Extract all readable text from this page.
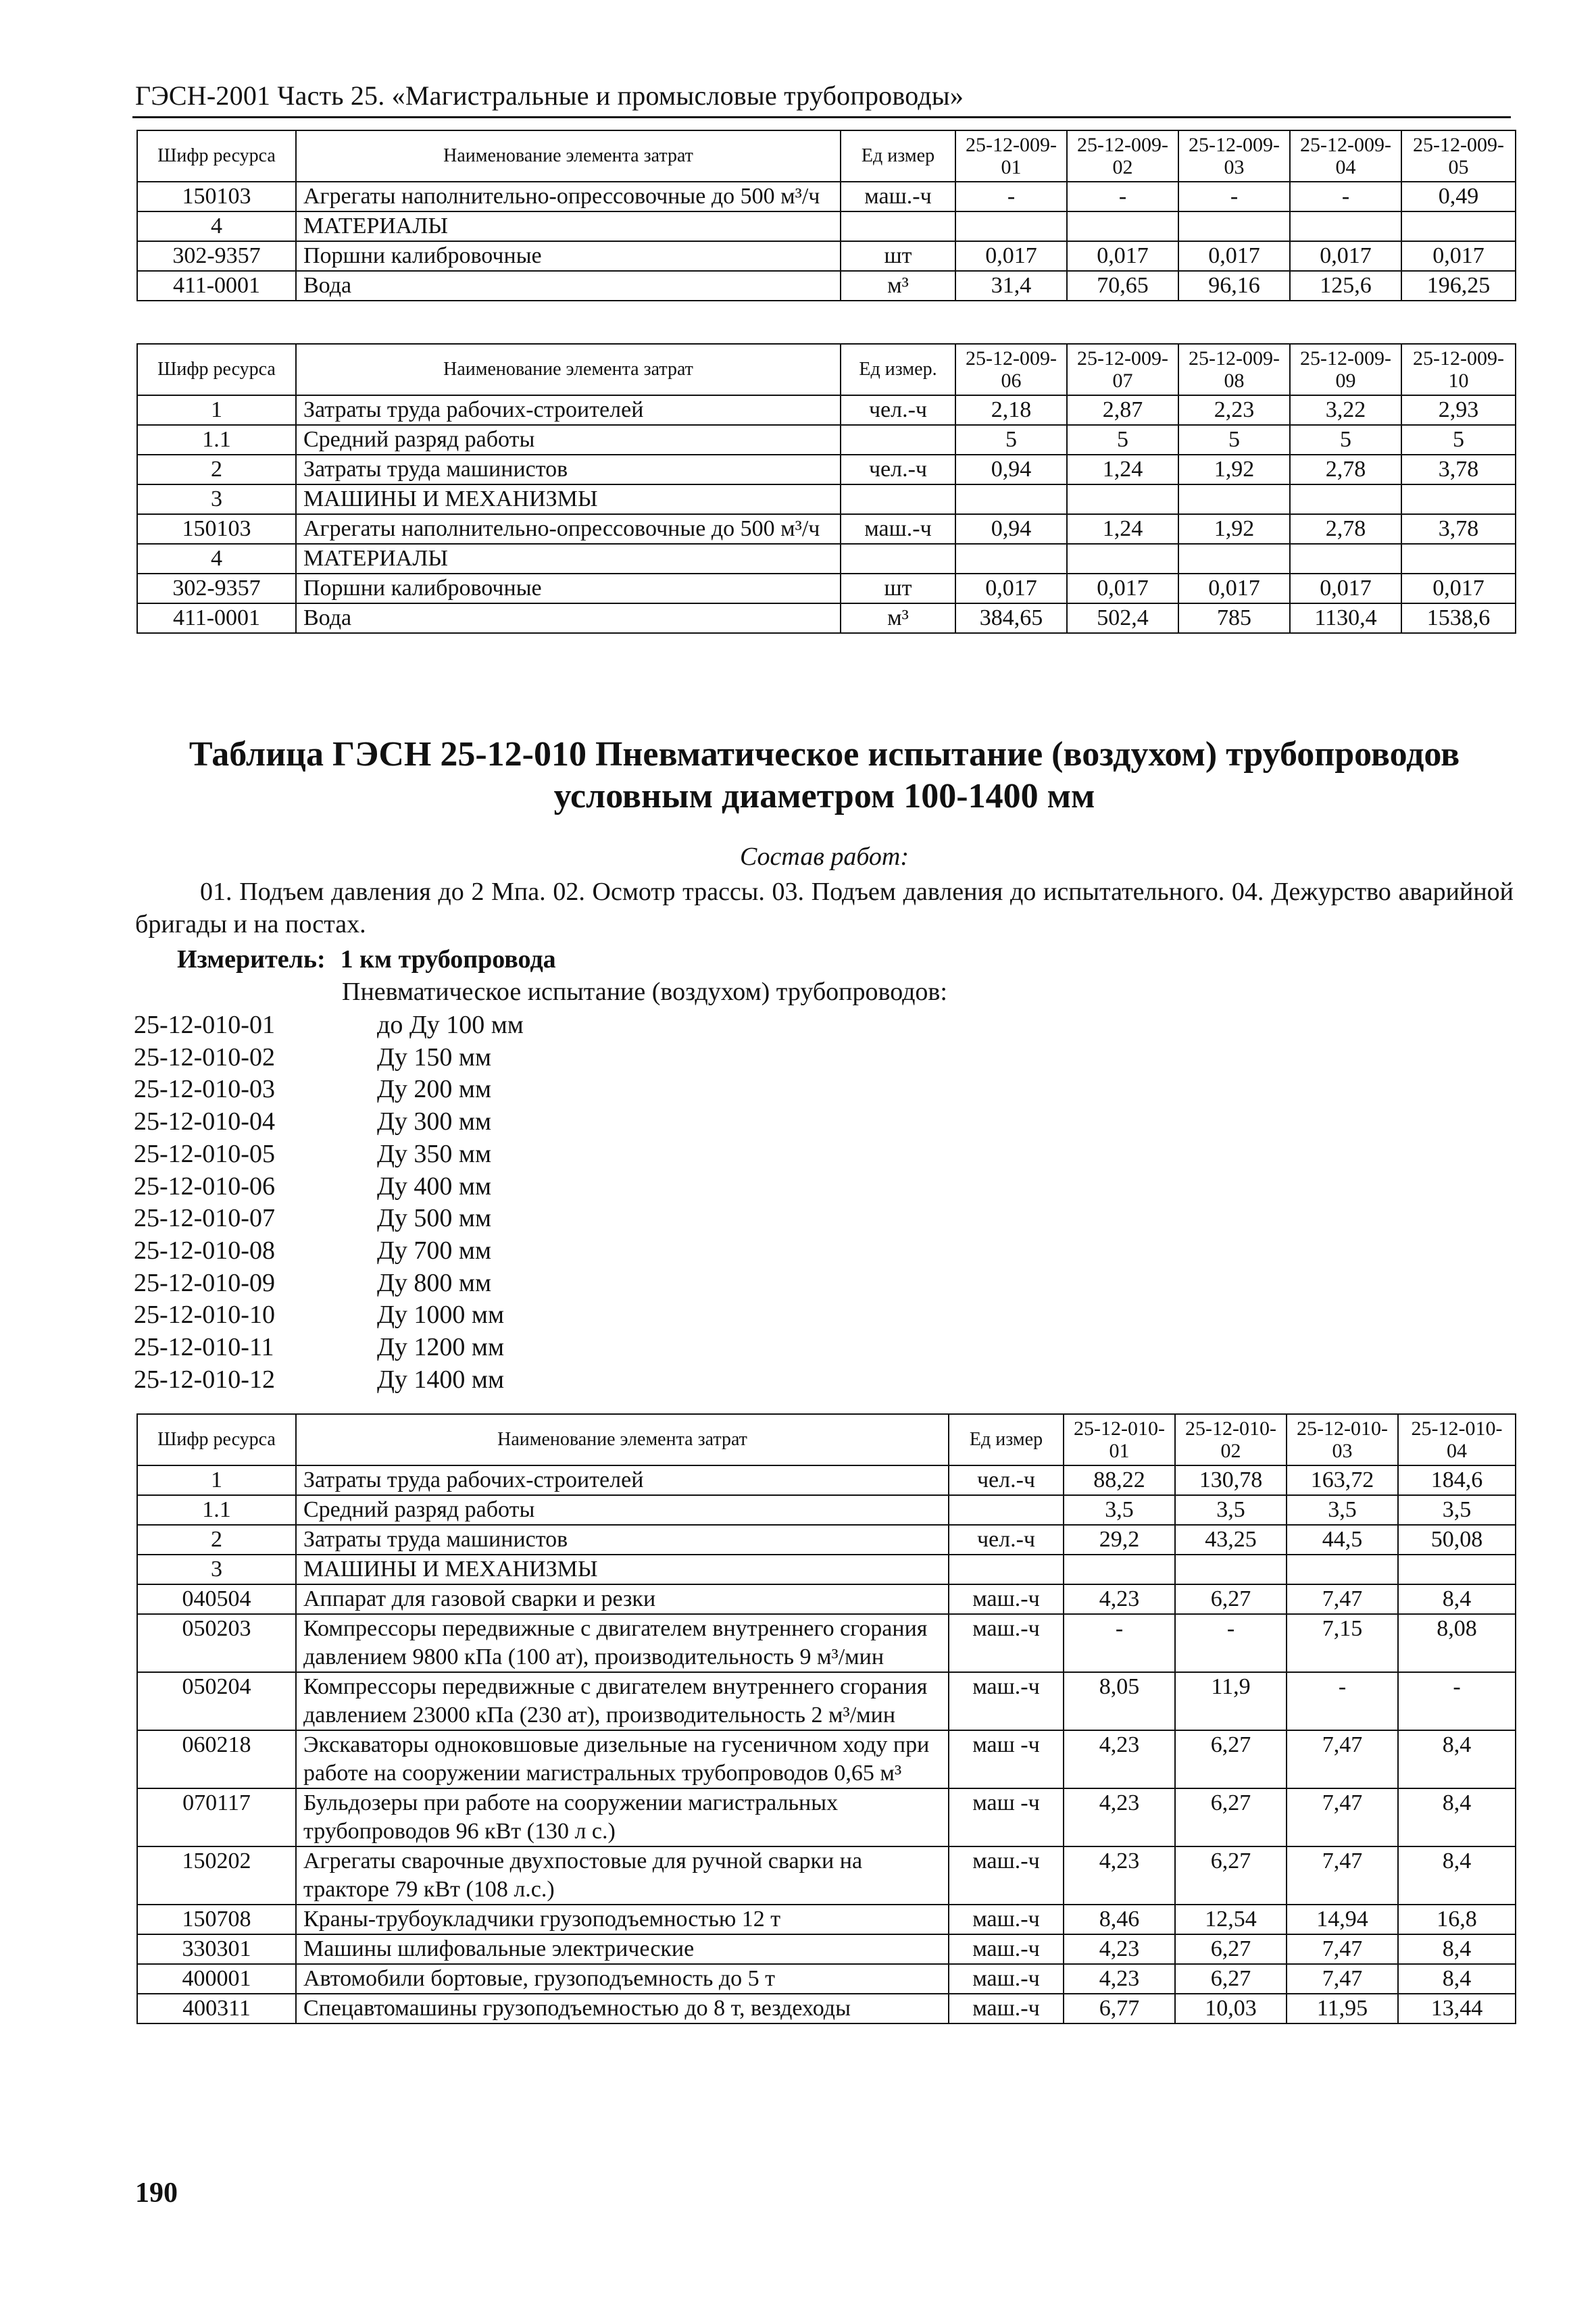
ГЭСН-2001 Часть 25. «Магистральные и промысловые трубопроводы»
Шифр ресурса	Наименование элемента затрат	Ед измер	25-12-009-01	25-12-009-02	25-12-009-03	25-12-009-04	25-12-009-05
150103	Агрегаты наполнительно-опрессовочные до 500 м³/ч	маш.-ч	-	-	-	-	0,49
4	МАТЕРИАЛЫ						
302-9357	Поршни калибровочные	шт	0,017	0,017	0,017	0,017	0,017
411-0001	Вода	м³	31,4	70,65	96,16	125,6	196,25
Шифр ресурса	Наименование элемента затрат	Ед измер.	25-12-009-06	25-12-009-07	25-12-009-08	25-12-009-09	25-12-009-10
1	Затраты труда рабочих-строителей	чел.-ч	2,18	2,87	2,23	3,22	2,93
1.1	Средний разряд работы		5	5	5	5	5
2	Затраты труда машинистов	чел.-ч	0,94	1,24	1,92	2,78	3,78
3	МАШИНЫ И МЕХАНИЗМЫ						
150103	Агрегаты наполнительно-опрессовочные до 500 м³/ч	маш.-ч	0,94	1,24	1,92	2,78	3,78
4	МАТЕРИАЛЫ						
302-9357	Поршни калибровочные	шт	0,017	0,017	0,017	0,017	0,017
411-0001	Вода	м³	384,65	502,4	785	1130,4	1538,6
Таблица ГЭСН 25-12-010 Пневматическое испытание (воздухом) трубопроводов условным диаметром 100-1400 мм
Состав работ:
01. Подъем давления до 2 Мпа. 02. Осмотр трассы. 03. Подъем давления до испытательного. 04. Дежурство аварийной бригады и на постах.
Измеритель: 1 км трубопровода
Пневматическое испытание (воздухом) трубопроводов:
25-12-010-01	до Ду 100 мм
25-12-010-02	Ду 150 мм
25-12-010-03	Ду 200 мм
25-12-010-04	Ду 300 мм
25-12-010-05	Ду 350 мм
25-12-010-06	Ду 400 мм
25-12-010-07	Ду 500 мм
25-12-010-08	Ду 700 мм
25-12-010-09	Ду 800 мм
25-12-010-10	Ду 1000 мм
25-12-010-11	Ду 1200 мм
25-12-010-12	Ду 1400 мм
Шифр ресурса	Наименование элемента затрат	Ед измер	25-12-010-01	25-12-010-02	25-12-010-03	25-12-010-04
1	Затраты труда рабочих-строителей	чел.-ч	88,22	130,78	163,72	184,6
1.1	Средний разряд работы		3,5	3,5	3,5	3,5
2	Затраты труда машинистов	чел.-ч	29,2	43,25	44,5	50,08
3	МАШИНЫ И МЕХАНИЗМЫ					
040504	Аппарат для газовой сварки и резки	маш.-ч	4,23	6,27	7,47	8,4
050203	Компрессоры передвижные с двигателем внутреннего сгорания давлением 9800 кПа (100 ат), производительность 9 м³/мин	маш.-ч	-	-	7,15	8,08
050204	Компрессоры передвижные с двигателем внутреннего сгорания давлением 23000 кПа (230 ат), производительность 2 м³/мин	маш.-ч	8,05	11,9	-	-
060218	Экскаваторы одноковшовые дизельные на гусеничном ходу при работе на сооружении магистральных трубопроводов 0,65 м³	маш -ч	4,23	6,27	7,47	8,4
070117	Бульдозеры при работе на сооружении магистральных трубопроводов 96 кВт (130 л с.)	маш -ч	4,23	6,27	7,47	8,4
150202	Агрегаты сварочные двухпостовые для ручной сварки на тракторе 79 кВт (108 л.с.)	маш.-ч	4,23	6,27	7,47	8,4
150708	Краны-трубоукладчики грузоподъемностью 12 т	маш.-ч	8,46	12,54	14,94	16,8
330301	Машины шлифовальные электрические	маш.-ч	4,23	6,27	7,47	8,4
400001	Автомобили бортовые, грузоподъемность до 5 т	маш.-ч	4,23	6,27	7,47	8,4
400311	Спецавтомашины грузоподъемностью до 8 т, вездеходы	маш.-ч	6,77	10,03	11,95	13,44
190
